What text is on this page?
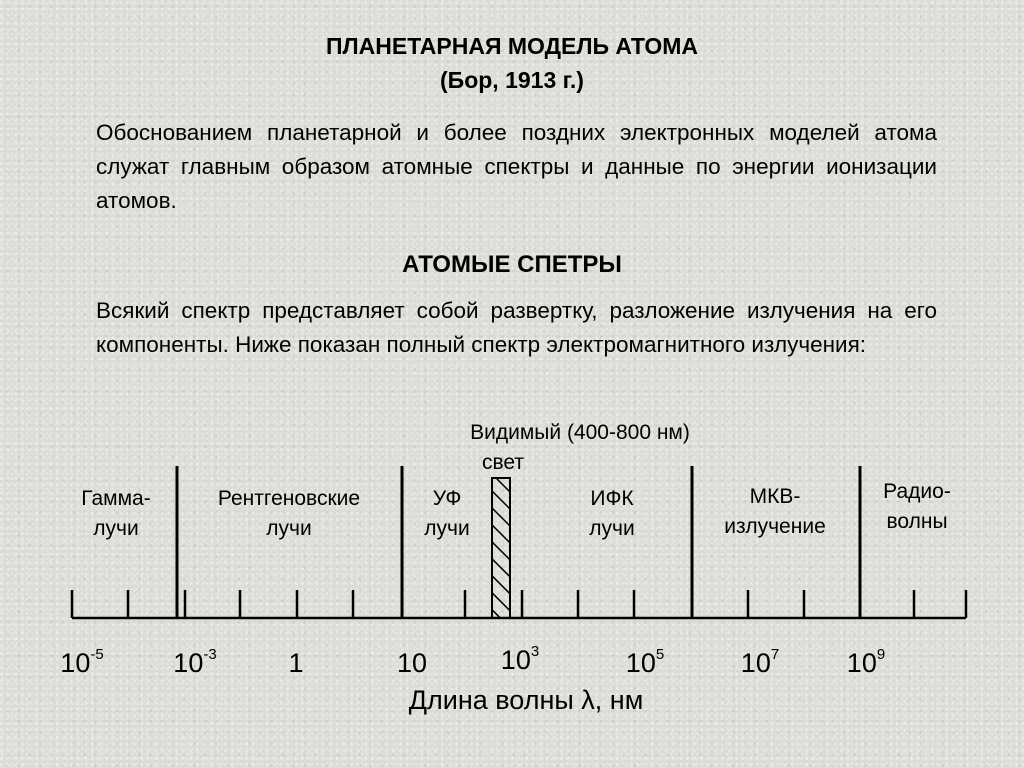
ПЛАНЕТАРНАЯ МОДЕЛЬ АТОМА
(Бор, 1913 г.)
Обоснованием планетарной и более поздних электронных моделей атома служат главным образом атомные спектры и данные по энергии ионизации атомов.
АТОМЫЕ СПЕТРЫ
Всякий спектр представляет собой развертку, разложение излучения на его компоненты. Ниже показан полный спектр электромагнитного излучения:
Видимый (400-800 нм)
свет
Гамма-
лучи
Рентгеновские
лучи
УФ
лучи
ИФК
лучи
МКВ-
излучение
Радио-
волны
$10^{-5}$	$10^{-3}$	1	10	$10^3$	$10^5$	$10^7$	$10^9$
Длина волны λ, нм
